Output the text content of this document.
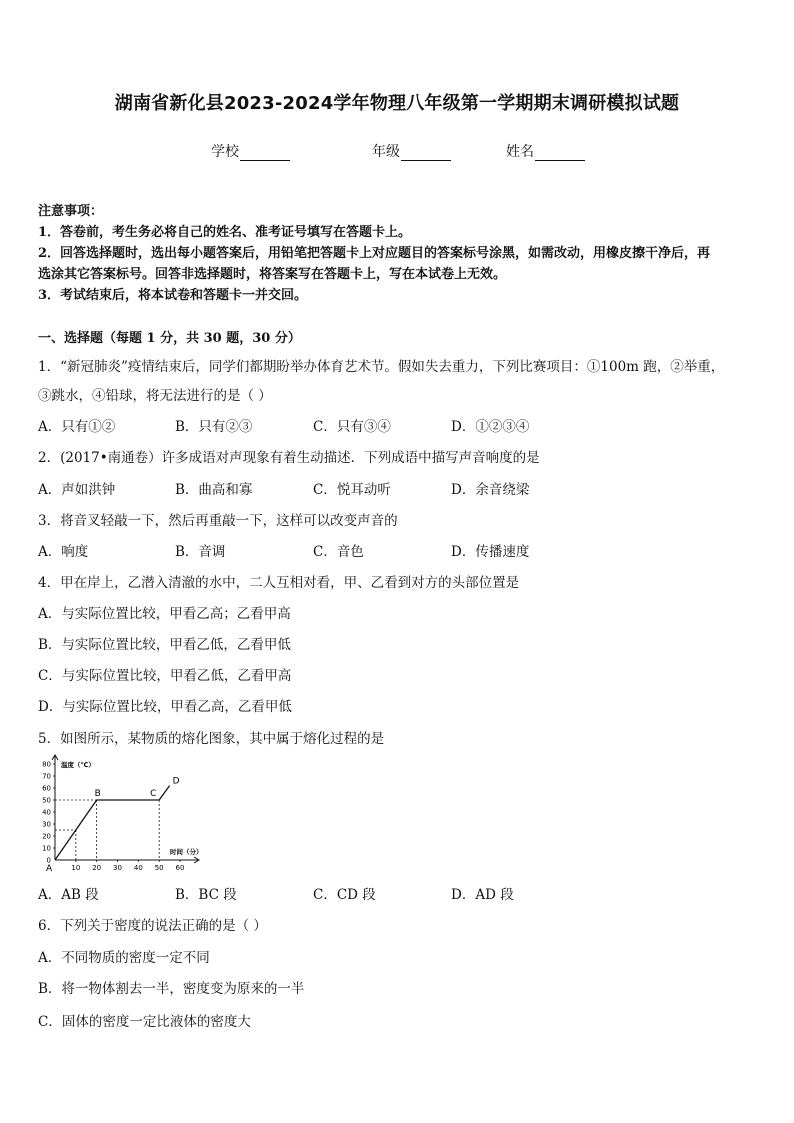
湖南省新化县2023-2024学年物理八年级第一学期期末调研模拟试题
学校	年级	姓名
注意事项：
1．答卷前，考生务必将自己的姓名、准考证号填写在答题卡上。
2．回答选择题时，选出每小题答案后，用铅笔把答题卡上对应题目的答案标号涂黑，如需改动，用橡皮擦干净后，再
选涂其它答案标号。回答非选择题时，将答案写在答题卡上，写在本试卷上无效。
3．考试结束后，将本试卷和答题卡一并交回。
一、选择题（每题 1 分，共 30 题，30 分）
1．“新冠肺炎”疫情结束后，同学们都期盼举办体育艺术节。假如失去重力，下列比赛项目：①100m 跑，②举重，
③跳水，④铅球，将无法进行的是（ ）
A．只有①②	B．只有②③	C．只有③④	D．①②③④
2．(2017•南通卷）许多成语对声现象有着生动描述．下列成语中描写声音响度的是
A．声如洪钟	B．曲高和寡	C．悦耳动听	D．余音绕梁
3．将音叉轻敲一下，然后再重敲一下，这样可以改变声音的
A．响度	B．音调	C．音色	D．传播速度
4．甲在岸上，乙潜入清澈的水中，二人互相对看，甲、乙看到对方的头部位置是
A．与实际位置比较，甲看乙高；乙看甲高
B．与实际位置比较，甲看乙低，乙看甲低
C．与实际位置比较，甲看乙低，乙看甲高
D．与实际位置比较，甲看乙高，乙看甲低
5．如图所示，某物质的熔化图象，其中属于熔化过程的是
0
10
20
30
40
50
60
70
80
10 20 30 40 50 60
温度（℃）
时间（分）
A
B	C
D
A．AB 段	B．BC 段	C．CD 段	D．AD 段
6．下列关于密度的说法正确的是（ ）
A．不同物质的密度一定不同
B．将一物体割去一半，密度变为原来的一半
C．固体的密度一定比液体的密度大
